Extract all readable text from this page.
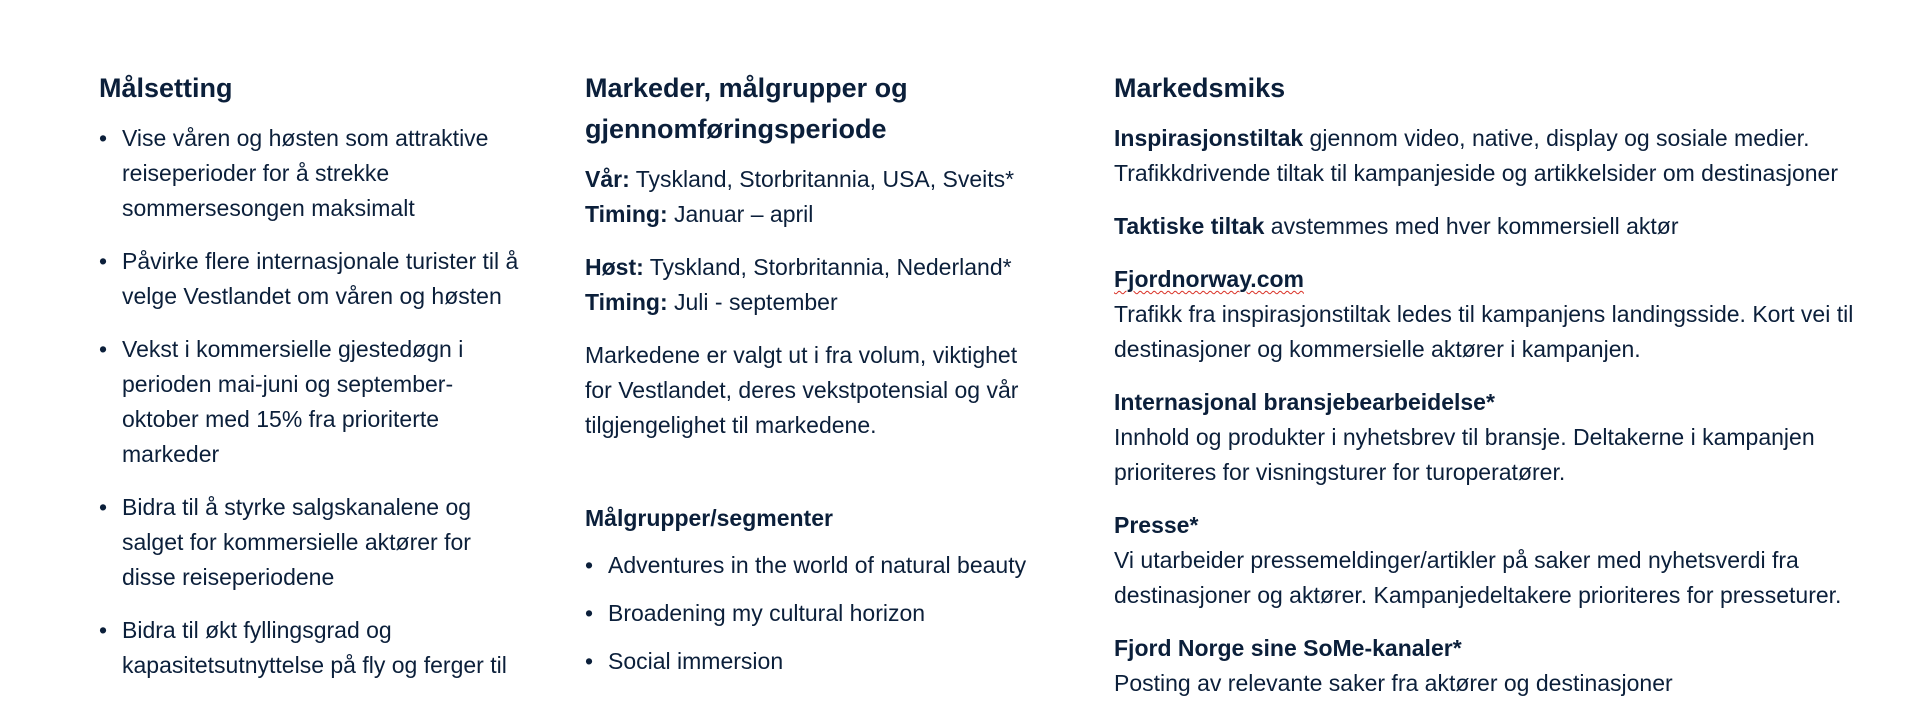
Målsetting
• Vise våren og høsten som attraktive reiseperioder for å strekke sommersesongen maksimalt
• Påvirke flere internasjonale turister til å velge Vestlandet om våren og høsten
• Vekst i kommersielle gjestedøgn i perioden mai-juni og september-oktober med 15% fra prioriterte markeder
• Bidra til å styrke salgskanalene og salget for kommersielle aktører for disse reiseperiodene
• Bidra til økt fyllingsgrad og kapasitetsutnyttelse på fly og ferger til
Markeder, målgrupper og gjennomføringsperiode

Vår: Tyskland, Storbritannia, USA, Sveits*
Timing: Januar – april

Høst: Tyskland, Storbritannia, Nederland*
Timing: Juli - september

Markedene er valgt ut i fra volum, viktighet for Vestlandet, deres vekstpotensial og vår tilgjengelighet til markedene.

Målgrupper/segmenter
• Adventures in the world of natural beauty
• Broadening my cultural horizon
• Social immersion
Markedsmiks

Inspirasjonstiltak gjennom video, native, display og sosiale medier. Trafikkdrivende tiltak til kampanjeside og artikkelsider om destinasjoner

Taktiske tiltak avstemmes med hver kommersiell aktør

Fjordnorway.com
Trafikk fra inspirasjonstiltak ledes til kampanjens landingsside. Kort vei til destinasjoner og kommersielle aktører i kampanjen.

Internasjonal bransjebearbeidelse*
Innhold og produkter i nyhetsbrev til bransje. Deltakerne i kampanjen prioriteres for visningsturer for turoperatører.

Presse*
Vi utarbeider pressemeldinger/artikler på saker med nyhetsverdi fra destinasjoner og aktører. Kampanjedeltakere prioriteres for presseturer.

Fjord Norge sine SoMe-kanaler*
Posting av relevante saker fra aktører og destinasjoner
